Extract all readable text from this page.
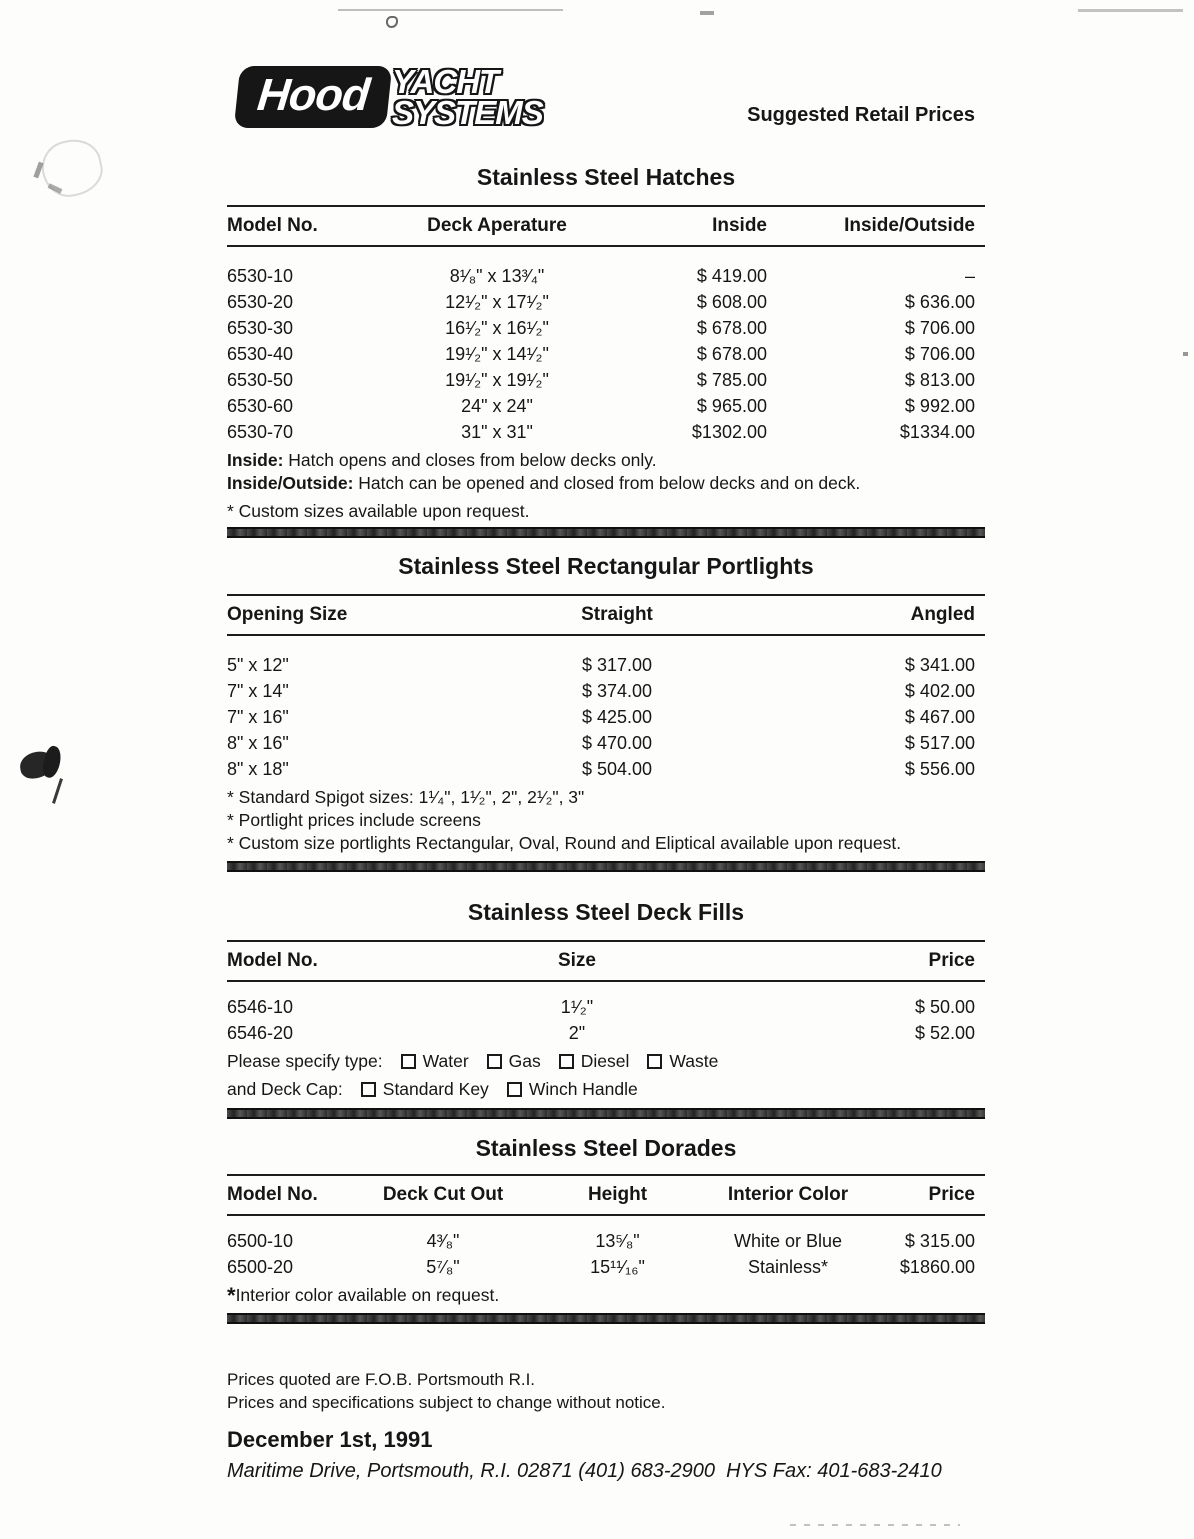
Hood YACHT
SYSTEMS	Suggested Retail Prices
Stainless Steel Hatches
Model No.	Deck Aperature	Inside	Inside/Outside
6530-10	8¹⁄₈" x 13³⁄₄"	$ 419.00	–
6530-20	12¹⁄₂" x 17¹⁄₂"	$ 608.00	$ 636.00
6530-30	16¹⁄₂" x 16¹⁄₂"	$ 678.00	$ 706.00
6530-40	19¹⁄₂" x 14¹⁄₂"	$ 678.00	$ 706.00
6530-50	19¹⁄₂" x 19¹⁄₂"	$ 785.00	$ 813.00
6530-60	24" x 24"	$ 965.00	$ 992.00
6530-70	31" x 31"	$1302.00	$1334.00
Inside: Hatch opens and closes from below decks only.
Inside/Outside: Hatch can be opened and closed from below decks and on deck.
* Custom sizes available upon request.
Stainless Steel Rectangular Portlights
Opening Size	Straight	Angled
5" x 12"	$ 317.00	$ 341.00
7" x 14"	$ 374.00	$ 402.00
7" x 16"	$ 425.00	$ 467.00
8" x 16"	$ 470.00	$ 517.00
8" x 18"	$ 504.00	$ 556.00
* Standard Spigot sizes: 1¹⁄₄", 1¹⁄₂", 2", 2¹⁄₂", 3"
* Portlight prices include screens
* Custom size portlights Rectangular, Oval, Round and Eliptical available upon request.
Stainless Steel Deck Fills
Model No.	Size	Price
6546-10	1¹⁄₂"	$ 50.00
6546-20	2"	$ 52.00
Please specify type: Water Gas Diesel Waste
and Deck Cap: Standard Key Winch Handle
Stainless Steel Dorades
Model No.	Deck Cut Out	Height	Interior Color	Price
6500-10	4³⁄₈"	13⁵⁄₈"	White or Blue	$ 315.00
6500-20	5⁷⁄₈"	15¹¹⁄₁₆"	Stainless*	$1860.00
*Interior color available on request.
Prices quoted are F.O.B. Portsmouth R.I.
Prices and specifications subject to change without notice.
December 1st, 1991
Maritime Drive, Portsmouth, R.I. 02871 (401) 683-2900  HYS Fax: 401-683-2410
